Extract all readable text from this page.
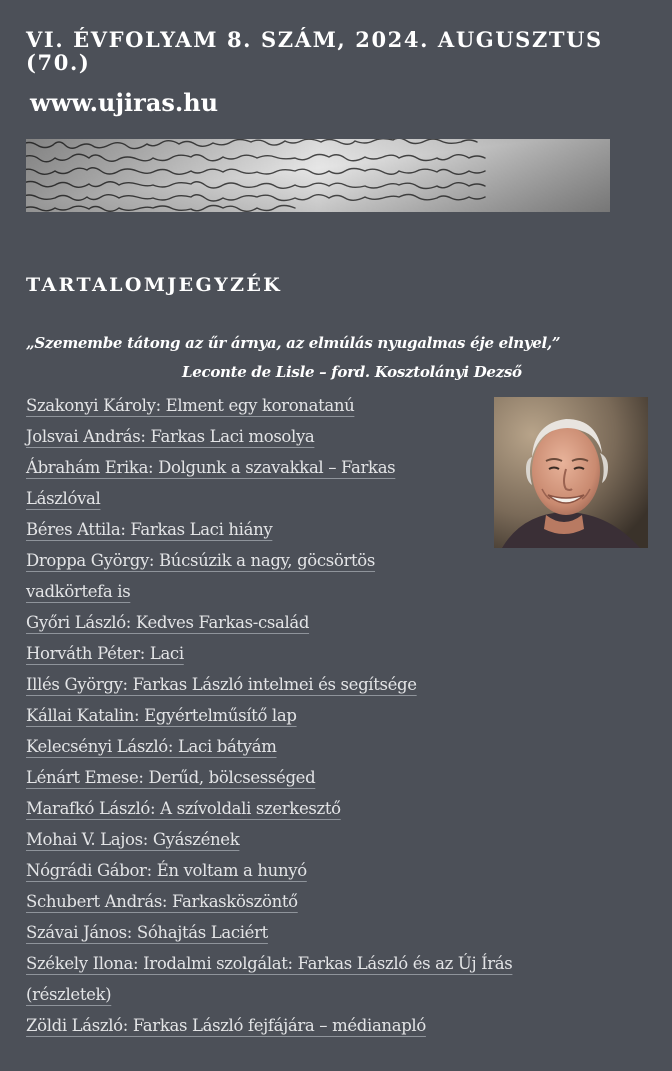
VI. ÉVFOLYAM 8. SZÁM, 2024. AUGUSZTUS (70.)
www.ujiras.hu
TARTALOMJEGYZÉK
„Szemembe tátong az űr árnya, az elmúlás nyugalmas éje elnyel,”
Leconte de Lisle – ford. Kosztolányi Dezső
Szakonyi Károly: Elment egy koronatanú
Jolsvai András: Farkas Laci mosolya
Ábrahám Erika: Dolgunk a szavakkal – Farkas Lászlóval
Béres Attila: Farkas Laci hiány
Droppa György: Búcsúzik a nagy, göcsörtös vadkörtefa is
Győri László: Kedves Farkas-család
Horváth Péter: Laci
Illés György: Farkas László intelmei és segítsége
Kállai Katalin: Egyértelműsítő lap
Kelecsényi László: Laci bátyám
Lénárt Emese: Derűd, bölcsességed
Marafkó László: A szívoldali szerkesztő
Mohai V. Lajos: Gyászének
Nógrádi Gábor: Én voltam a hunyó
Schubert András: Farkasköszöntő
Szávai János: Sóhajtás Laciért
Székely Ilona: Irodalmi szolgálat: Farkas László és az Új Írás (részletek)
Zöldi László: Farkas László fejfájára – médianapló
